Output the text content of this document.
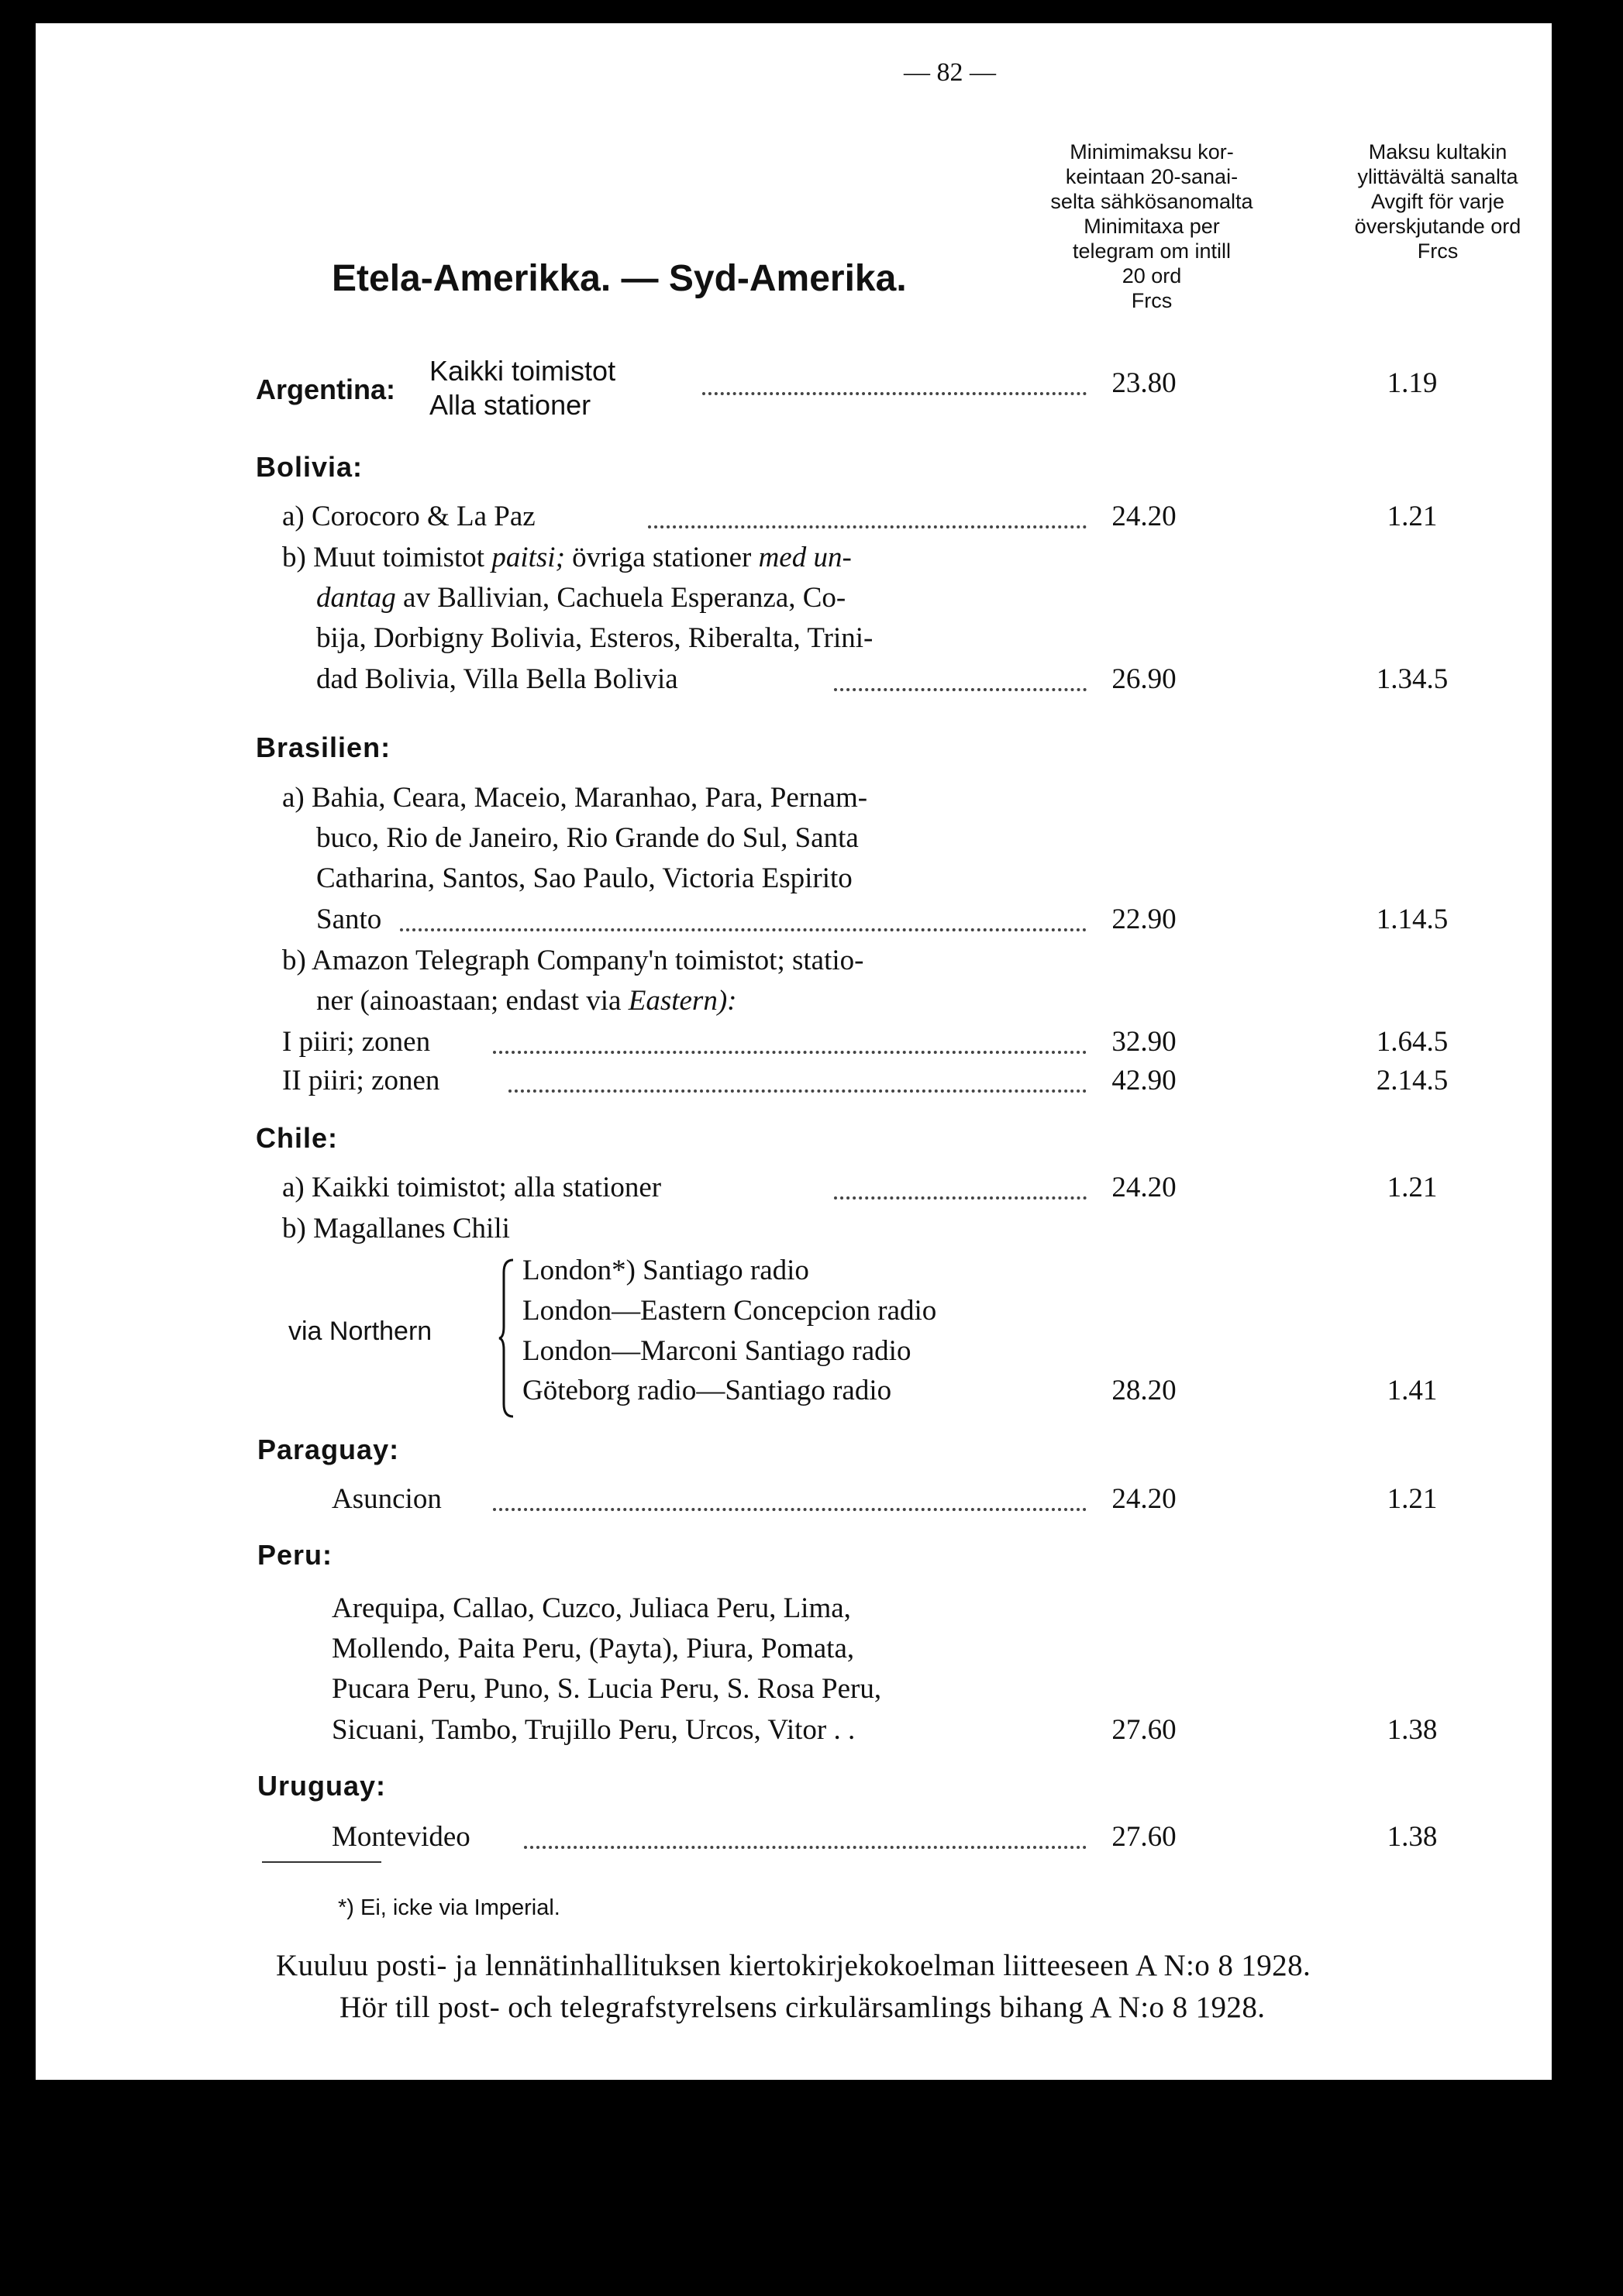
— 82 —
Etela-Amerikka. — Syd-Amerika.
Minimimaksu kor-
keintaan 20-sanai-
selta sähkösanomalta
Minimitaxa per
telegram om intill
20 ord
Frcs
Maksu kultakin
ylittävältä sanalta
Avgift för varje
överskjutande ord
Frcs
Argentina:
Kaikki toimistot
Alla stationer
23.80	1.19
Bolivia:
a) Corocoro & La Paz	24.20	1.21
b) Muut toimistot paitsi; övriga stationer med un-
dantag av Ballivian, Cachuela Esperanza, Co-
bija, Dorbigny Bolivia, Esteros, Riberalta, Trini-
dad Bolivia, Villa Bella Bolivia	26.90	1.34.5
Brasilien:
a) Bahia, Ceara, Maceio, Maranhao, Para, Pernam-
buco, Rio de Janeiro, Rio Grande do Sul, Santa
Catharina, Santos, Sao Paulo, Victoria Espirito
Santo	22.90	1.14.5
b) Amazon Telegraph Company'n toimistot; statio-
ner (ainoastaan; endast via Eastern):
I piiri; zonen	32.90	1.64.5
II piiri; zonen	42.90	2.14.5
Chile:
a) Kaikki toimistot; alla stationer	24.20	1.21
b) Magallanes Chili
via Northern
London*) Santiago radio
London—Eastern Concepcion radio
London—Marconi Santiago radio
Göteborg radio—Santiago radio	28.20	1.41
Paraguay:
Asuncion	24.20	1.21
Peru:
Arequipa, Callao, Cuzco, Juliaca Peru, Lima,
Mollendo, Paita Peru, (Payta), Piura, Pomata,
Pucara Peru, Puno, S. Lucia Peru, S. Rosa Peru,
Sicuani, Tambo, Trujillo Peru, Urcos, Vitor . .	27.60	1.38
Uruguay:
Montevideo	27.60	1.38
*) Ei, icke via Imperial.
Kuuluu posti- ja lennätinhallituksen kiertokirjekokoelman liitteeseen A N:o 8 1928.
Hör till post- och telegrafstyrelsens cirkulärsamlings bihang A N:o 8 1928.
